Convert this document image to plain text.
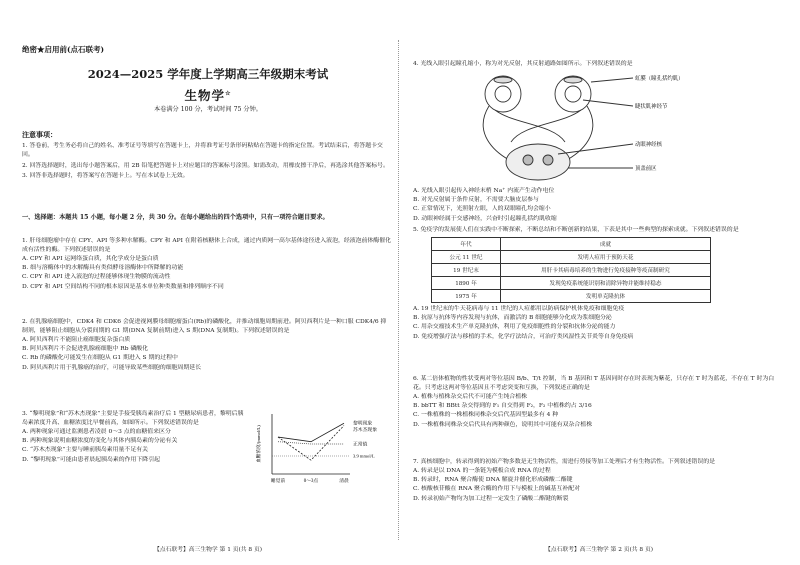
绝密★启用前(点石联考)
2024—2025 学年度上学期高三年级期末考试
生物学☆
本卷满分 100 分，考试时间 75 分钟。
注意事项：

1. 答卷前，考生务必将自己的姓名、准考证号等填写在答题卡上，并将准考证号条形码粘贴在答题卡的指定位置。考试结束后，将答题卡交回。

2. 回答选择题时，选出每小题答案后，用 2B 铅笔把答题卡上对应题目的答案标号涂黑。如需改动，用橡皮擦干净后，再选涂其他答案标号。

3. 回答非选择题时，将答案写在答题卡上。写在本试卷上无效。

一、选择题：本题共 15 小题，每小题 2 分，共 30 分。在每小题给出的四个选项中，只有一项符合题目要求。
1. 肝母细胞瘤中存在 CPY、API 等多种水解酶。CPY 和 API 在附着核糖体上合成，通过内质网一高尔基体途径进入液泡，经液泡前体酶催化成有活性的酶。下列叙述错误的是
A. CPY 和 API 运网络蛋白质，其化学成分是蛋白质
B. 细与溶酶体中的水解酶具有类似酵母溶酶体中所降解的功能
C. CPY 和 API 进入液泡的过程能够体现生物膜的流动性
D. CPY 和 API 空间结构不同的根本原因是基本单位种类数量和排列顺序不同
2. 在乳腺癌细胞中，CDK4 和 CDK6 会促进视网膜母细胞瘤蛋白(Rb)的磷酸化，并推动细胞周期前进。阿贝西利片是一种口服 CDK4/6 抑制剂，能够阻止细胞从分裂间期的 G1 期(DNA 复制前期)进入 S 期(DNA 复制期)。下列叙述错误的是
A. 阿贝西利片不能阻止癌细胞复杂蛋白质
B. 阿贝西利片不会促进乳腺癌细胞中 Rb 磷酸化
C. Rb 的磷酸化可能发生在细胞从 G1 期进入 S 期的过程中
D. 阿贝西利片用于乳腺癌的治疗，可能导致某些细胞的细胞周期延长
3. “黎明现象”和“苏木杰现象”主要是手接受胰岛素治疗后 1 型糖尿病患者，黎明后胰岛素浓度升高、血糖浓度比早餐前高，如图所示。下列叙述错误的是
A. 两种现象可通过监测患者凌晨 0～3 点的血糖值来区分
B. 两种现象说明血糖浓度的变化与其体内胰岛素的分泌有关
C. “苏木杰现象”主要与睡前胰岛素用量不足有关
D. “黎明现象”可能由患者晨起胰岛素的作用下降引起	血糖浓度/(mmol/L)
睡觉前	0～3点	清晨
黎明现象
苏木杰现象
正常值
3.9 mmol/L
【点石联考】高三生物学 第 1 页(共 8 页)
4. 光线入眼引起瞳孔缩小，称为对光反射，其反射通路如图所示。下列叙述错误的是
虹膜（瞳孔括约肌）
睫状肌神经节
动眼神经核
顶盖前区
A. 光线入眼引起传入神经末梢 Na⁺ 内流产生动作电位
B. 对光反射属于条件反射，不需要大脑皮层参与
C. 正常情况下，光照射左眼，人的双眼瞳孔均会缩小
D. 动眼神经属于交感神经，兴奋时引起瞳孔括约肌收缩
5. 免疫学的发展使人们在实践中不断探索，不断总结和不断创新的结果，下表是其中一些典型的探索成就。下列叙述错误的是
年代	成就
公元 11 世纪	发明人痘用于预防天花
19 世纪末	用肝卡其病毒培养的生物进行免疫接种等疫苗制研究
1890 年	发现免疫系统能识别和清除异物并能维持稳态
1975 年	发明单克隆抗体
A. 19 世纪末的牛天花病毒与 11 世纪的人痘都用以防病保护机体免疫和细胞免疫
B. 抗原与抗体等内容发现与抗体，而激活的 B 细胞能够分化成为浆细胞分泌
C. 用杂交瘤技术生产单克隆抗体，利用了免疫细胞性的分裂和抗体分泌的能力
D. 免疫增强疗法与移植的手术，化学疗法结合，可治疗类风湿性关节炎等自身免疫病
6. 某二倍体植物的性状受两对等位基因 B/b、T/t 控制，当 B 基因和 T 基因同时存在时表现为紫花，只存在 T 时为蓝花，不存在 T 时为白花。只考虑这两对等位基因且不考虑突变和互换，下列叙述正确的是
A. 植株与植株杂交后代不可能产生纯合植株
B. bbTT 和 BBtt 杂交得到的 F₁ 自交得到 F₂，F₂ 中植株约占 3/16
C. 一株植株的一株植株同株杂交后代基因型最多有 4 种
D. 一株植株同株杂交后代具有两种颜色，说明其中可能有双杂合植株
7. 真核细胞中，转录得到的初始产物多数是无生物活性，需进行剪接等加工处理后才有生物活性。下列叙述错误的是
A. 转录是以 DNA 的一条链为模板合成 RNA 的过程
B. 转录时，RNA 聚合酶使 DNA 解旋并催化形成磷酸二酯键
C. 核酸核苷酸在 RNA 聚合酶的作用下与模板上的碱基互补配对
D. 转录初始产物均为加工过程一定发生了磷酸二酯键的断裂
【点石联考】高三生物学 第 2 页(共 8 页)
